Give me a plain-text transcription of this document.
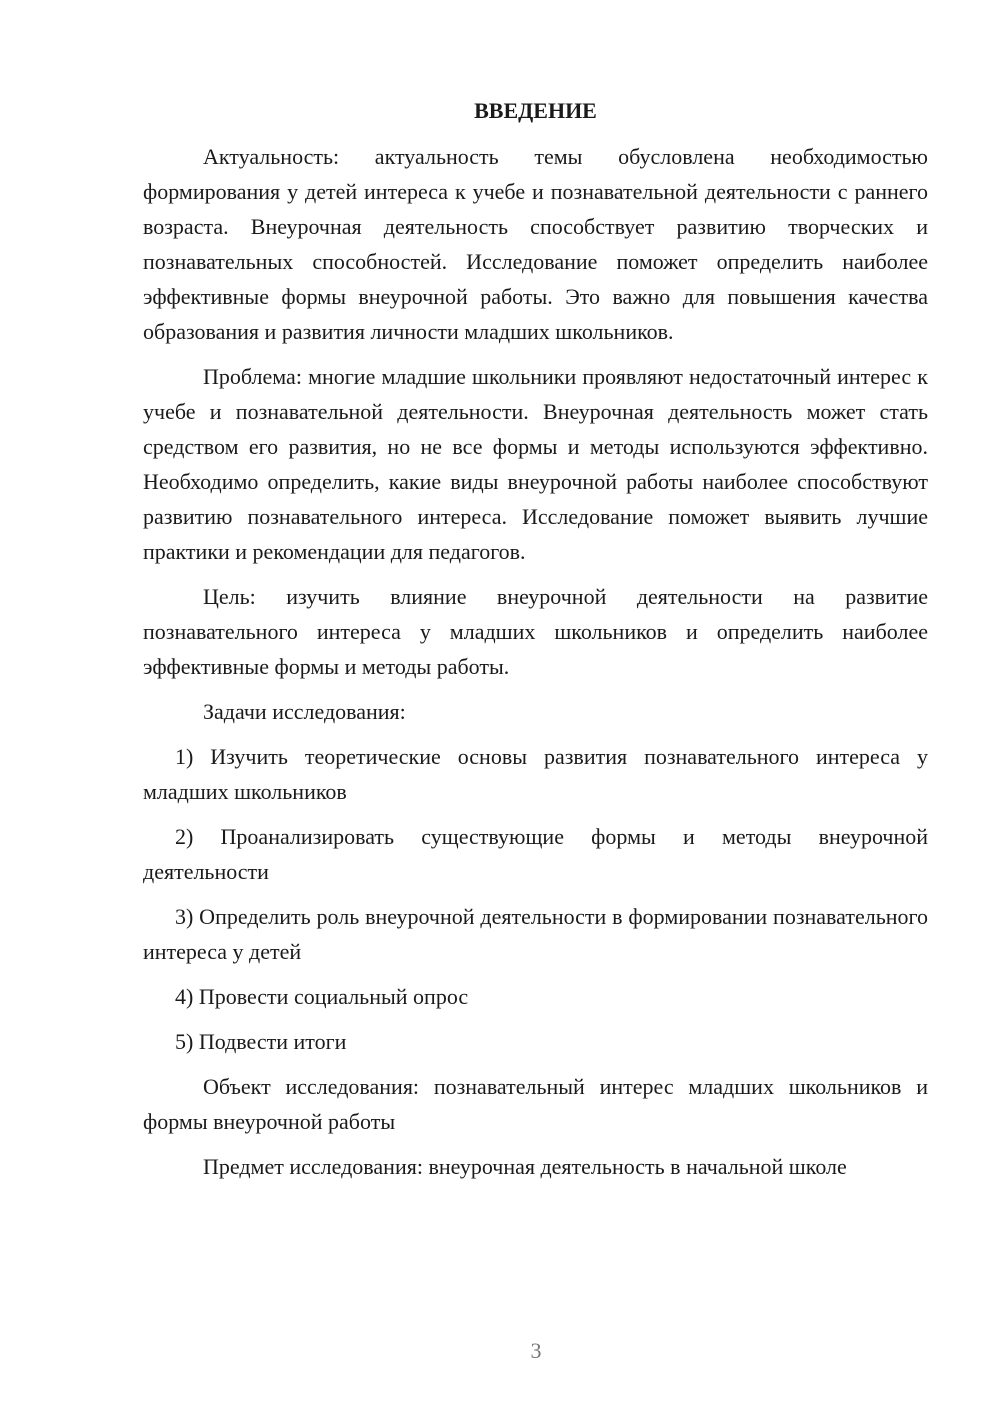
ВВЕДЕНИЕ

Актуальность: актуальность темы обусловлена необходимостью формирования у детей интереса к учебе и познавательной деятельности с раннего возраста. Внеурочная деятельность способствует развитию творческих и познавательных способностей. Исследование поможет определить наиболее эффективные формы внеурочной работы. Это важно для повышения качества образования и развития личности младших школьников.

Проблема: многие младшие школьники проявляют недостаточный интерес к учебе и познавательной деятельности. Внеурочная деятельность может стать средством его развития, но не все формы и методы используются эффективно. Необходимо определить, какие виды внеурочной работы наиболее способствуют развитию познавательного интереса. Исследование поможет выявить лучшие практики и рекомендации для педагогов.

Цель: изучить влияние внеурочной деятельности на развитие познавательного интереса у младших школьников и определить наиболее эффективные формы и методы работы.

Задачи исследования:

1) Изучить теоретические основы развития познавательного интереса у младших школьников

2) Проанализировать существующие формы и методы внеурочной деятельности

3) Определить роль внеурочной деятельности в формировании познавательного интереса у детей

4) Провести социальный опрос

5) Подвести итоги

Объект исследования: познавательный интерес младших школьников и формы внеурочной работы

Предмет исследования: внеурочная деятельность в начальной школе

3
